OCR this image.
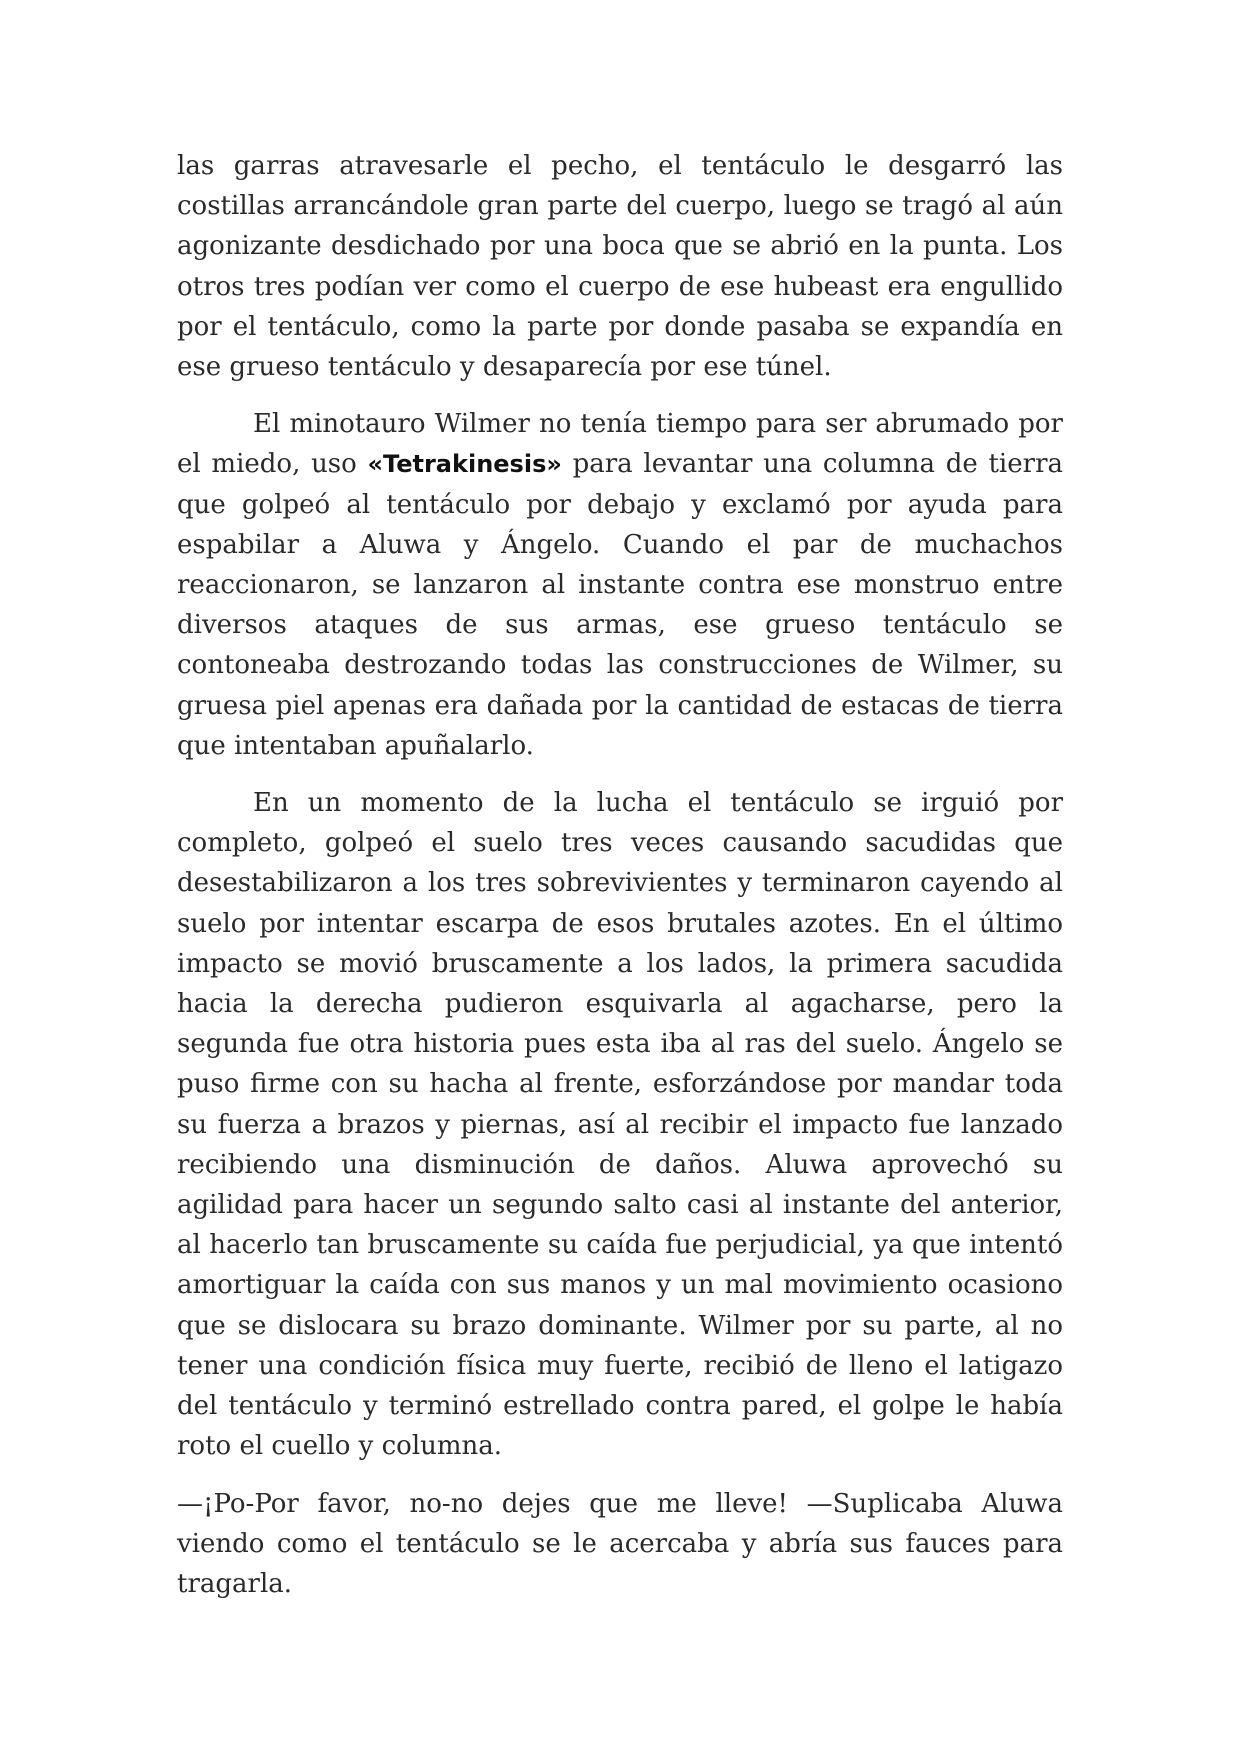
las garras atravesarle el pecho, el tentáculo le desgarró las costillas arrancándole gran parte del cuerpo, luego se tragó al aún agonizante desdichado por una boca que se abrió en la punta. Los otros tres podían ver como el cuerpo de ese hubeast era engullido por el tentáculo, como la parte por donde pasaba se expandía en ese grueso tentáculo y desaparecía por ese túnel.

El minotauro Wilmer no tenía tiempo para ser abrumado por el miedo, uso «Tetrakinesis» para levantar una columna de tierra que golpeó al tentáculo por debajo y exclamó por ayuda para espabilar a Aluwa y Ángelo. Cuando el par de muchachos reaccionaron, se lanzaron al instante contra ese monstruo entre diversos ataques de sus armas, ese grueso tentáculo se contoneaba destrozando todas las construcciones de Wilmer, su gruesa piel apenas era dañada por la cantidad de estacas de tierra que intentaban apuñalarlo.

En un momento de la lucha el tentáculo se irguió por completo, golpeó el suelo tres veces causando sacudidas que desestabilizaron a los tres sobrevivientes y terminaron cayendo al suelo por intentar escarpa de esos brutales azotes. En el último impacto se movió bruscamente a los lados, la primera sacudida hacia la derecha pudieron esquivarla al agacharse, pero la segunda fue otra historia pues esta iba al ras del suelo. Ángelo se puso firme con su hacha al frente, esforzándose por mandar toda su fuerza a brazos y piernas, así al recibir el impacto fue lanzado recibiendo una disminución de daños. Aluwa aprovechó su agilidad para hacer un segundo salto casi al instante del anterior, al hacerlo tan bruscamente su caída fue perjudicial, ya que intentó amortiguar la caída con sus manos y un mal movimiento ocasiono que se dislocara su brazo dominante. Wilmer por su parte, al no tener una condición física muy fuerte, recibió de lleno el latigazo del tentáculo y terminó estrellado contra pared, el golpe le había roto el cuello y columna.

—¡Po-Por favor, no-no dejes que me lleve! —Suplicaba Aluwa viendo como el tentáculo se le acercaba y abría sus fauces para tragarla.
